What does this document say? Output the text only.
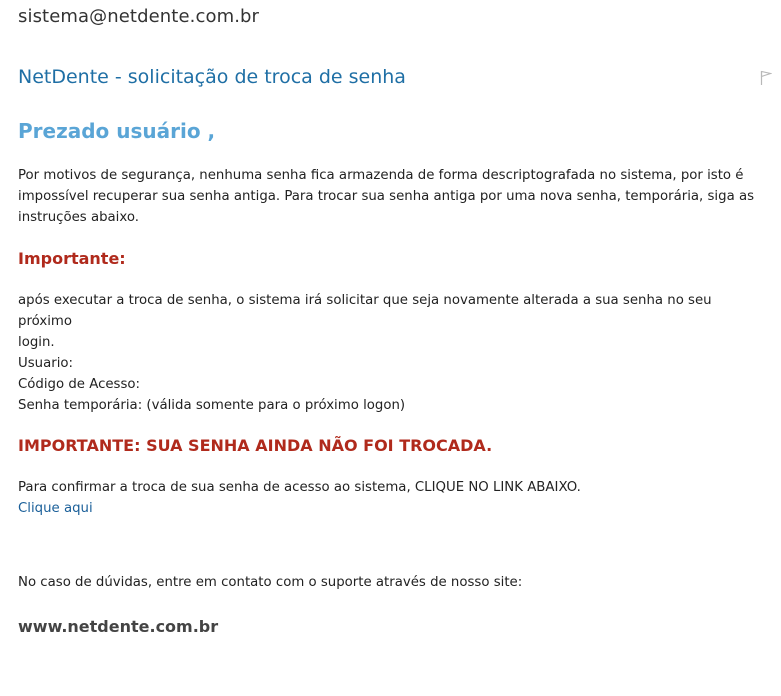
sistema@netdente.com.br
NetDente - solicitação de troca de senha
Prezado usuário ,
Por motivos de segurança, nenhuma senha fica armazenda de forma descriptografada no sistema, por isto é
impossível recuperar sua senha antiga. Para trocar sua senha antiga por uma nova senha, temporária, siga as
instruções abaixo.
Importante:
após executar a troca de senha, o sistema irá solicitar que seja novamente alterada a sua senha no seu próximo
login.
Usuario:
Código de Acesso:
Senha temporária: (válida somente para o próximo logon)
IMPORTANTE: SUA SENHA AINDA NÃO FOI TROCADA.
Para confirmar a troca de sua senha de acesso ao sistema, CLIQUE NO LINK ABAIXO.
Clique aqui
No caso de dúvidas, entre em contato com o suporte através de nosso site:
www.netdente.com.br
